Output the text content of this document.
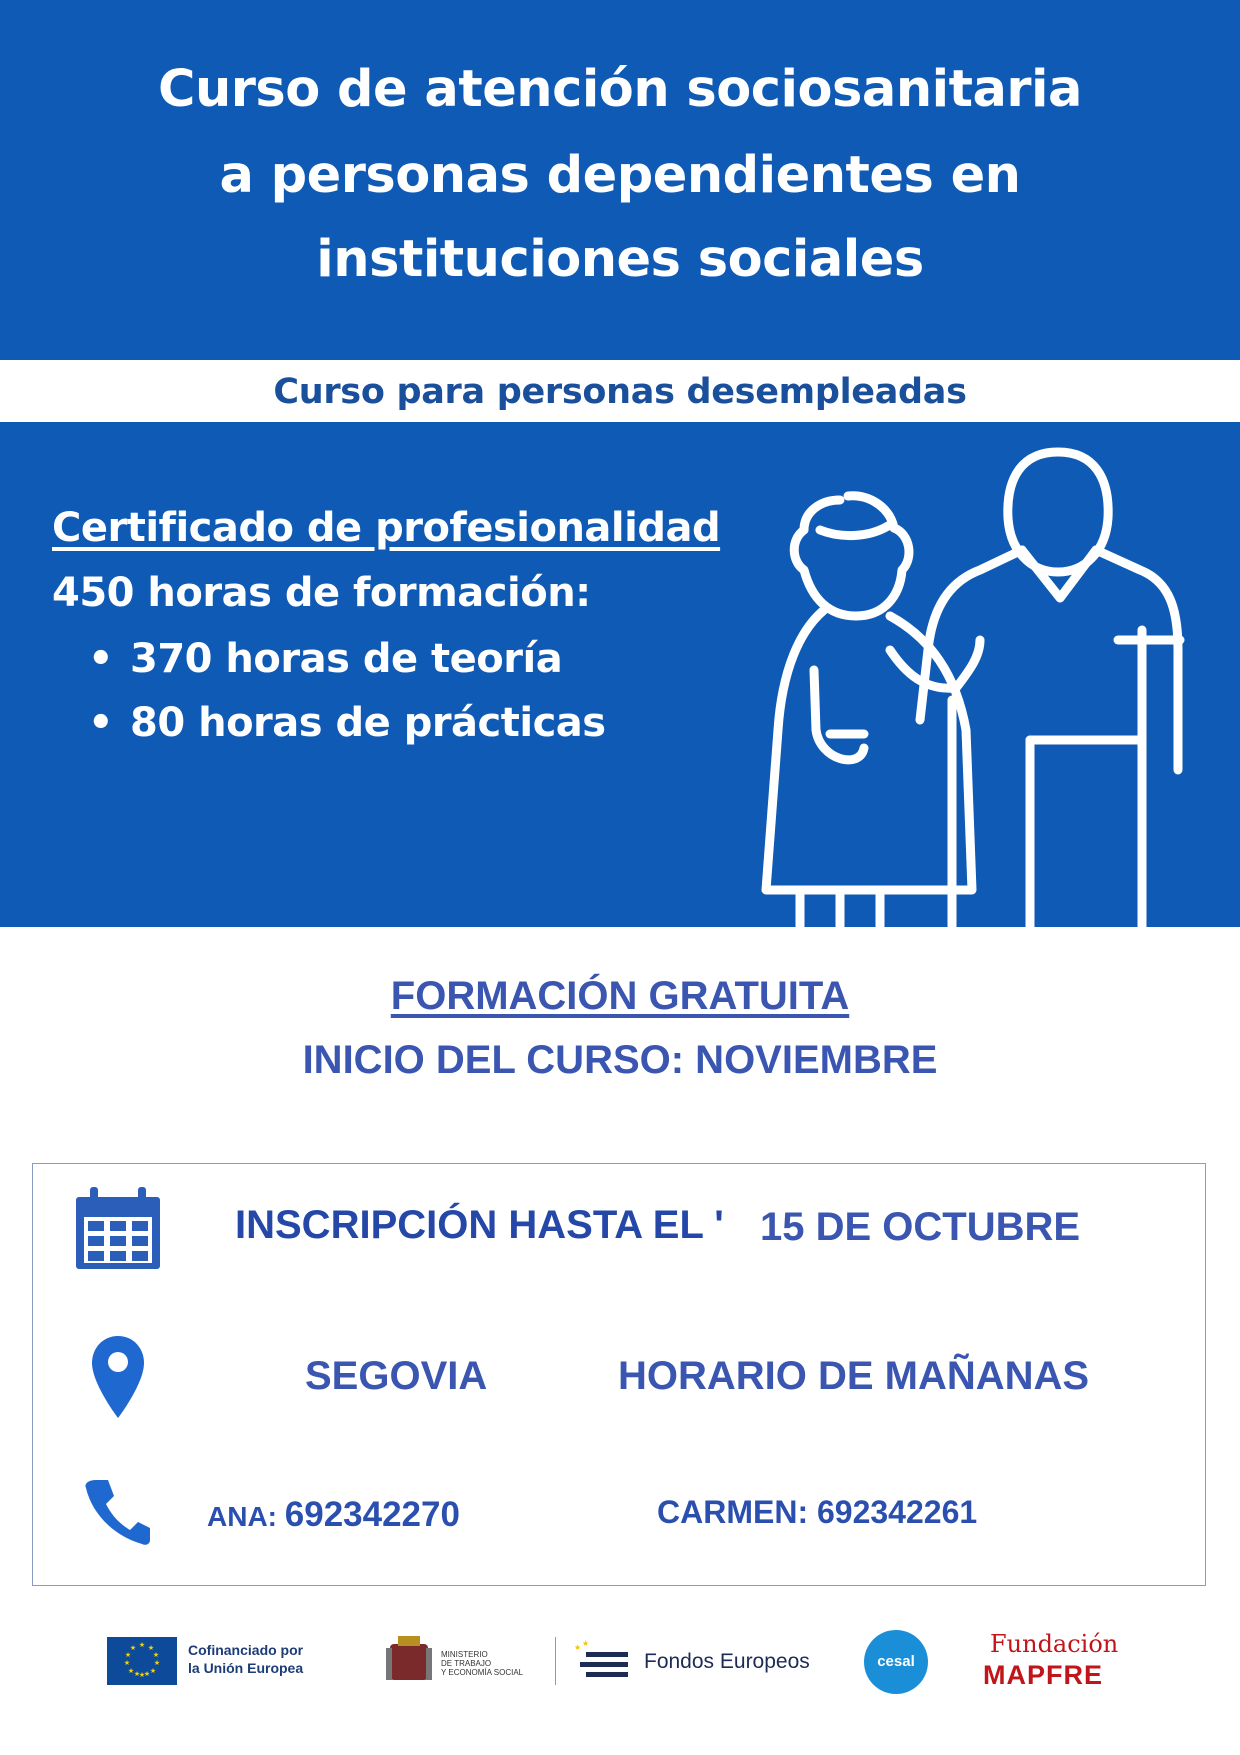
Curso de atención sociosanitaria
a personas dependientes en
instituciones sociales
Curso para personas desempleadas
Certificado de profesionalidad
450 horas de formación:
• 370 horas de teoría
• 80 horas de prácticas
FORMACIÓN GRATUITA
INICIO DEL CURSO: NOVIEMBRE
INSCRIPCIÓN HASTA EL ' 15 DE OCTUBRE
SEGOVIA	HORARIO DE MAÑANAS
ANA: 692342270	CARMEN: 692342261
★ ★
★
★
★
★
★
★
★
★
★
★
Cofinanciado por
la Unión Europea
MINISTERIO
DE TRABAJO
Y ECONOMÍA SOCIAL
★ ★
Fondos Europeos	cesal
Fundación
MAPFRE
